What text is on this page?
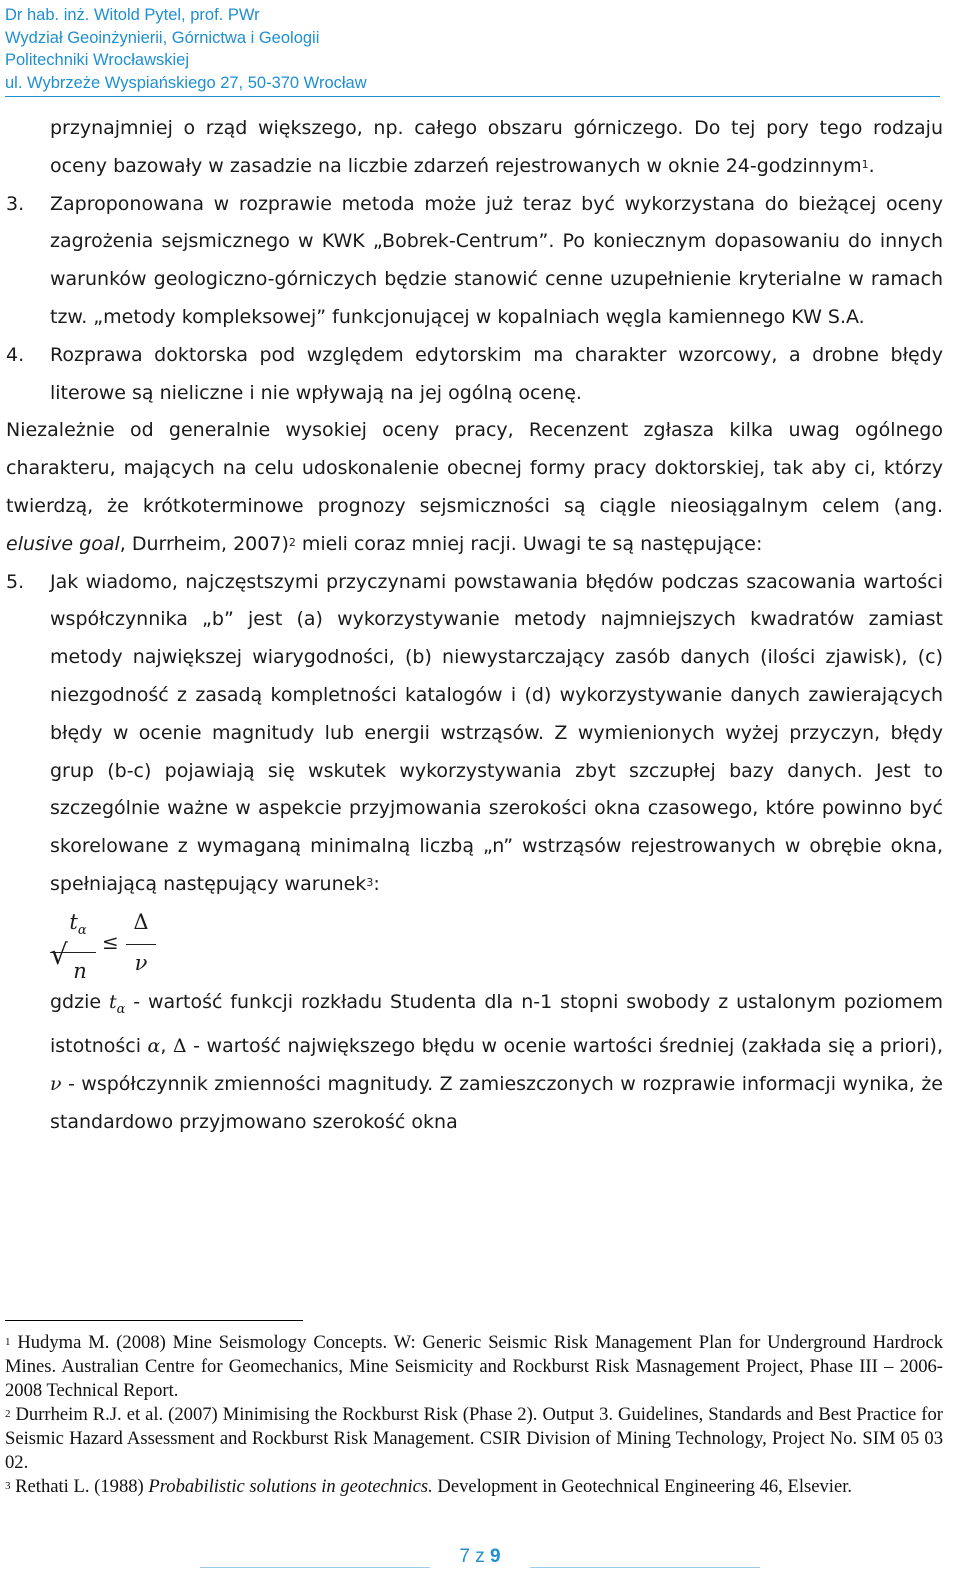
Dr hab. inż. Witold Pytel, prof. PWr
Wydział Geoinżynierii, Górnictwa i Geologii
Politechniki Wrocławskiej
ul. Wybrzeże Wyspiańskiego 27, 50-370 Wrocław
przynajmniej o rząd większego, np. całego obszaru górniczego. Do tej pory tego rodzaju oceny bazowały w zasadzie na liczbie zdarzeń rejestrowanych w oknie 24-godzinnym$^1$.
3.	Zaproponowana w rozprawie metoda może już teraz być wykorzystana do bieżącej oceny zagrożenia sejsmicznego w KWK „Bobrek-Centrum”. Po koniecznym dopasowaniu do innych warunków geologiczno-górniczych będzie stanowić cenne uzupełnienie kryterialne w ramach tzw. „metody kompleksowej” funkcjonującej w kopalniach węgla kamiennego KW S.A.
4.	Rozprawa doktorska pod względem edytorskim ma charakter wzorcowy, a drobne błędy literowe są nieliczne i nie wpływają na jej ogólną ocenę.
Niezależnie od generalnie wysokiej oceny pracy, Recenzent zgłasza kilka uwag ogólnego charakteru, mających na celu udoskonalenie obecnej formy pracy doktorskiej, tak aby ci, którzy twierdzą, że krótkoterminowe prognozy sejsmiczności są ciągle nieosiągalnym celem (ang. elusive goal, Durrheim, 2007)$^2$ mieli coraz mniej racji. Uwagi te są następujące:
5.	Jak wiadomo, najczęstszymi przyczynami powstawania błędów podczas szacowania wartości współczynnika „b” jest (a) wykorzystywanie metody najmniejszych kwadratów zamiast metody największej wiarygodności, (b) niewystarczający zasób danych (ilości zjawisk), (c) niezgodność z zasadą kompletności katalogów i (d) wykorzystywanie danych zawierających błędy w ocenie magnitudy lub energii wstrząsów. Z wymienionych wyżej przyczyn, błędy grup (b-c) pojawiają się wskutek wykorzystywania zbyt szczupłej bazy danych. Jest to szczególnie ważne w aspekcie przyjmowania szerokości okna czasowego, które powinno być skorelowane z wymaganą minimalną liczbą „n” wstrząsów rejestrowanych w obrębie okna, spełniającą następujący warunek$^3$:
$t_\alpha$
n
√ ≤
Δ
ν
gdzie $t_\alpha$ - wartość funkcji rozkładu Studenta dla n-1 stopni swobody z ustalonym poziomem istotności α, Δ - wartość największego błędu w ocenie wartości średniej (zakłada się a priori), ν - współczynnik zmienności magnitudy. Z zamieszczonych w rozprawie informacji wynika, że standardowo przyjmowano szerokość okna

$^1$ Hudyma M. (2008) Mine Seismology Concepts. W: Generic Seismic Risk Management Plan for Underground Hardrock Mines. Australian Centre for Geomechanics, Mine Seismicity and Rockburst Risk Masnagement Project, Phase III – 2006-2008 Technical Report.

$^2$ Durrheim R.J. et al. (2007) Minimising the Rockburst Risk (Phase 2). Output 3. Guidelines, Standards and Best Practice for Seismic Hazard Assessment and Rockburst Risk Management. CSIR Division of Mining Technology, Project No. SIM 05 03 02.

$^3$ Rethati L. (1988) Probabilistic solutions in geotechnics. Development in Geotechnical Engineering 46, Elsevier.

7 z 9
